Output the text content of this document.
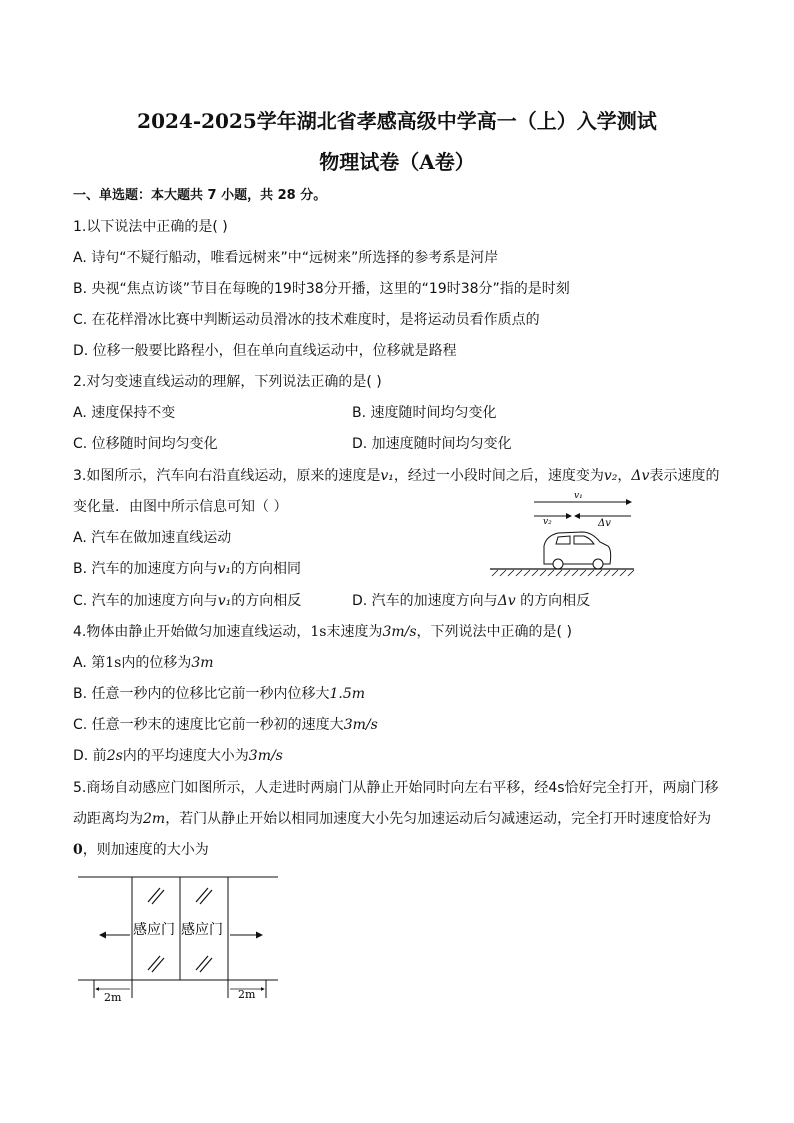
2024-2025学年湖北省孝感高级中学高一（上）入学测试
物理试卷（A卷）
一、单选题：本大题共 7 小题，共 28 分。
1.以下说法中正确的是( )
A. 诗句“不疑行船动，唯看远树来”中“远树来”所选择的参考系是河岸
B. 央视“焦点访谈”节目在每晚的19时38分开播，这里的“19时38分”指的是时刻
C. 在花样滑冰比赛中判断运动员滑冰的技术难度时，是将运动员看作质点的
D. 位移一般要比路程小，但在单向直线运动中，位移就是路程
2.对匀变速直线运动的理解，下列说法正确的是( )
A. 速度保持不变	B. 速度随时间均匀变化
C. 位移随时间均匀变化	D. 加速度随时间均匀变化
3.如图所示，汽车向右沿直线运动，原来的速度是v₁，经过一小段时间之后，速度变为v₂，Δv表示速度的
变化量．由图中所示信息可知（ ）
A. 汽车在做加速直线运动
B. 汽车的加速度方向与v₁的方向相同
C. 汽车的加速度方向与v₁的方向相反	D. 汽车的加速度方向与Δv 的方向相反
v₁
v₂	Δv
4.物体由静止开始做匀加速直线运动，1s末速度为3m/s，下列说法中正确的是( )
A. 第1s内的位移为3m
B. 任意一秒内的位移比它前一秒内位移大1.5m
C. 任意一秒末的速度比它前一秒初的速度大3m/s
D. 前2s内的平均速度大小为3m/s
5.商场自动感应门如图所示，人走进时两扇门从静止开始同时向左右平移，经4s恰好完全打开，两扇门移
动距离均为2m，若门从静止开始以相同加速度大小先匀加速运动后匀减速运动，完全打开时速度恰好为
0，则加速度的大小为
感应门 感应门
2m	2m
